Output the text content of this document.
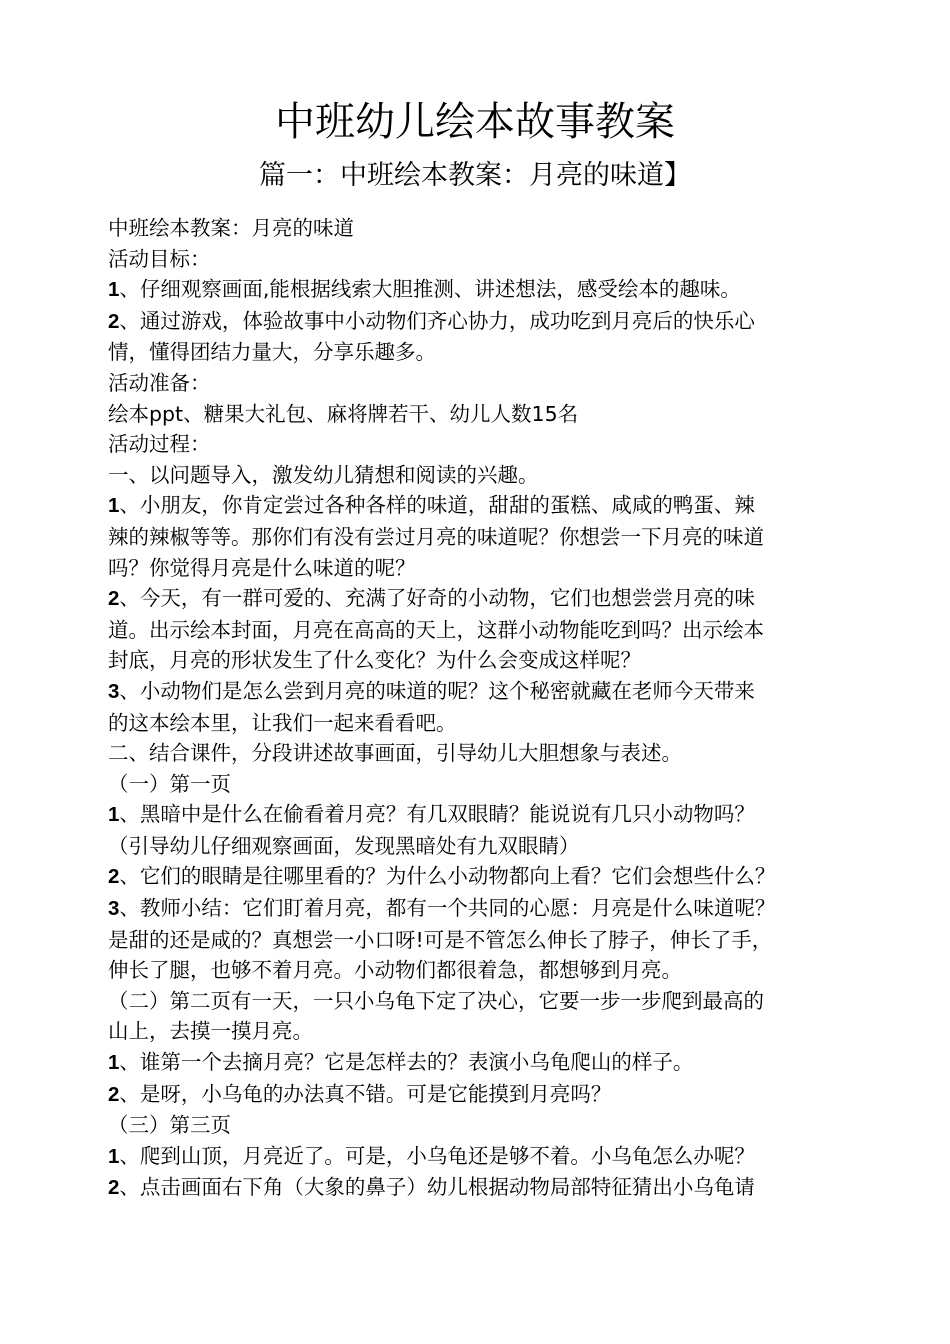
中班幼儿绘本故事教案
篇一：中班绘本教案：月亮的味道】

中班绘本教案：月亮的味道

活动目标：

1、仔细观察画面,能根据线索大胆推测、讲述想法，感受绘本的趣味。

2、通过游戏，体验故事中小动物们齐心协力，成功吃到月亮后的快乐心

情，懂得团结力量大，分享乐趣多。

活动准备：

绘本ppt、糖果大礼包、麻将牌若干、幼儿人数15名

活动过程：

一、以问题导入，激发幼儿猜想和阅读的兴趣。

1、小朋友，你肯定尝过各种各样的味道，甜甜的蛋糕、咸咸的鸭蛋、辣

辣的辣椒等等。那你们有没有尝过月亮的味道呢？你想尝一下月亮的味道

吗？你觉得月亮是什么味道的呢？

2、今天，有一群可爱的、充满了好奇的小动物，它们也想尝尝月亮的味

道。出示绘本封面，月亮在高高的天上，这群小动物能吃到吗？出示绘本

封底，月亮的形状发生了什么变化？为什么会变成这样呢？

3、小动物们是怎么尝到月亮的味道的呢？这个秘密就藏在老师今天带来

的这本绘本里，让我们一起来看看吧。

二、结合课件，分段讲述故事画面，引导幼儿大胆想象与表述。

（一）第一页

1、黑暗中是什么在偷看着月亮？有几双眼睛？能说说有几只小动物吗？

（引导幼儿仔细观察画面，发现黑暗处有九双眼睛）

2、它们的眼睛是往哪里看的？为什么小动物都向上看？它们会想些什么？

3、教师小结：它们盯着月亮，都有一个共同的心愿：月亮是什么味道呢？

是甜的还是咸的？真想尝一小口呀!可是不管怎么伸长了脖子，伸长了手，

伸长了腿，也够不着月亮。小动物们都很着急，都想够到月亮。

（二）第二页有一天，一只小乌龟下定了决心，它要一步一步爬到最高的

山上，去摸一摸月亮。

1、谁第一个去摘月亮？它是怎样去的？表演小乌龟爬山的样子。

2、是呀，小乌龟的办法真不错。可是它能摸到月亮吗？

（三）第三页

1、爬到山顶，月亮近了。可是，小乌龟还是够不着。小乌龟怎么办呢？

2、点击画面右下角（大象的鼻子）幼儿根据动物局部特征猜出小乌龟请
